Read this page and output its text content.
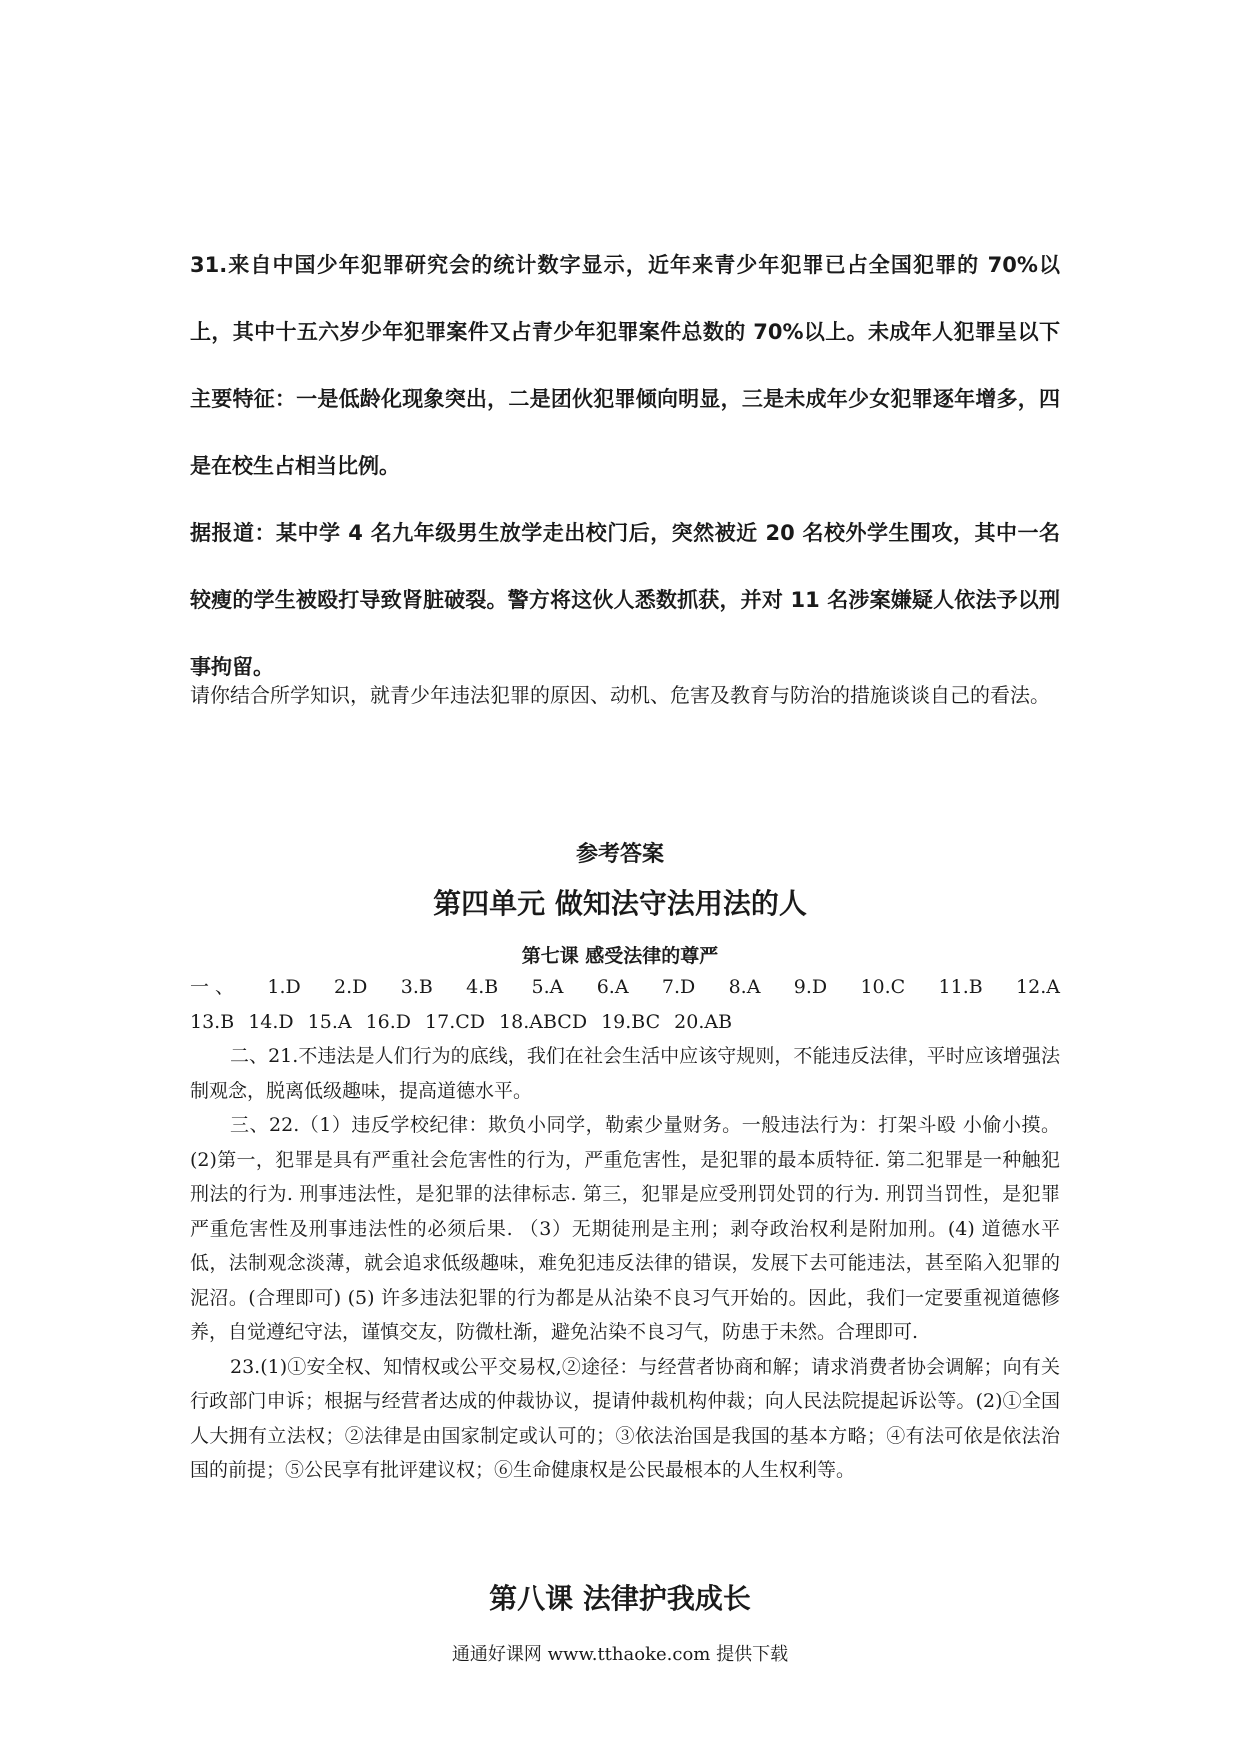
31.来自中国少年犯罪研究会的统计数字显示，近年来青少年犯罪已占全国犯罪的 70%以上，其中十五六岁少年犯罪案件又占青少年犯罪案件总数的 70%以上。未成年人犯罪呈以下主要特征：一是低龄化现象突出，二是团伙犯罪倾向明显，三是未成年少女犯罪逐年增多，四是在校生占相当比例。

据报道：某中学 4 名九年级男生放学走出校门后，突然被近 20 名校外学生围攻，其中一名较瘦的学生被殴打导致肾脏破裂。警方将这伙人悉数抓获，并对 11 名涉案嫌疑人依法予以刑事拘留。

请你结合所学知识，就青少年违法犯罪的原因、动机、危害及教育与防治的措施谈谈自己的看法。

参考答案
第四单元 做知法守法用法的人
第七课 感受法律的尊严
一 、 1.D 2.D 3.B 4.B 5.A 6.A 7.D 8.A 9.D 10.C 11.B 12.A
13.B 14.D 15.A 16.D 17.CD 18.ABCD 19.BC 20.AB

二、21.不违法是人们行为的底线，我们在社会生活中应该守规则，不能违反法律，平时应该增强法制观念，脱离低级趣味，提高道德水平。

三、22.（1）违反学校纪律：欺负小同学，勒索少量财务。一般违法行为：打架斗殴 小偷小摸。(2)第一，犯罪是具有严重社会危害性的行为，严重危害性，是犯罪的最本质特征. 第二犯罪是一种触犯刑法的行为. 刑事违法性，是犯罪的法律标志. 第三，犯罪是应受刑罚处罚的行为. 刑罚当罚性，是犯罪严重危害性及刑事违法性的必须后果. （3）无期徒刑是主刑；剥夺政治权利是附加刑。(4) 道德水平低，法制观念淡薄，就会追求低级趣味，难免犯违反法律的错误，发展下去可能违法，甚至陷入犯罪的泥沼。(合理即可) (5) 许多违法犯罪的行为都是从沾染不良习气开始的。因此，我们一定要重视道德修养，自觉遵纪守法，谨慎交友，防微杜渐，避免沾染不良习气，防患于未然。合理即可.

23.(1)①安全权、知情权或公平交易权,②途径：与经营者协商和解；请求消费者协会调解；向有关行政部门申诉；根据与经营者达成的仲裁协议，提请仲裁机构仲裁；向人民法院提起诉讼等。(2)①全国人大拥有立法权；②法律是由国家制定或认可的；③依法治国是我国的基本方略；④有法可依是依法治国的前提；⑤公民享有批评建议权；⑥生命健康权是公民最根本的人生权利等。

第八课 法律护我成长

通通好课网 www.tthaoke.com 提供下载
